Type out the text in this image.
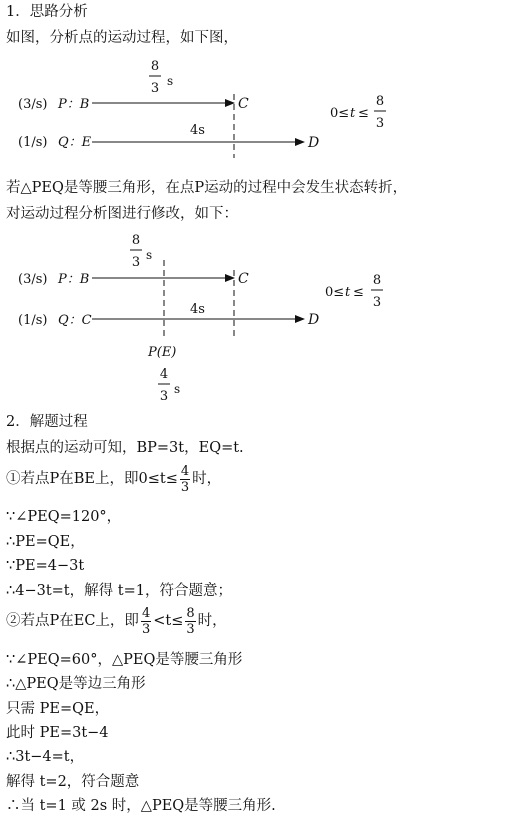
1．思路分析
如图，分析点的运动过程，如下图，
8
3 s
(3/s) P：B	C
4s
(1/s) Q：E	D
0≤ t ≤
8
3
若△PEQ是等腰三角形，在点P运动的过程中会发生状态转折，
对运动过程分析图进行修改，如下：
8
3 s
(3/s) P：B	C
4s
(1/s) Q：C	D
P(E)
4
3 s
0≤ t ≤
8
3
2．解题过程
根据点的运动可知，BP=3t，EQ=t.
①若点P在BE上，即$0\le t\le \frac{4}{3}$ 时，
∵∠PEQ=120°，
∴PE=QE，
∵PE=4−3t
∴4−3t=t，解得 t=1，符合题意；
②若点P在EC上，即 $\frac{4}{3} <t\le \frac{8}{3}$ 时，
∵∠PEQ=60°，△PEQ是等腰三角形
∴△PEQ是等边三角形
只需 PE=QE，
此时 PE=3t−4
∴3t−4=t，
解得 t=2，符合题意
∴当 t=1 或 2s 时，△PEQ是等腰三角形.
